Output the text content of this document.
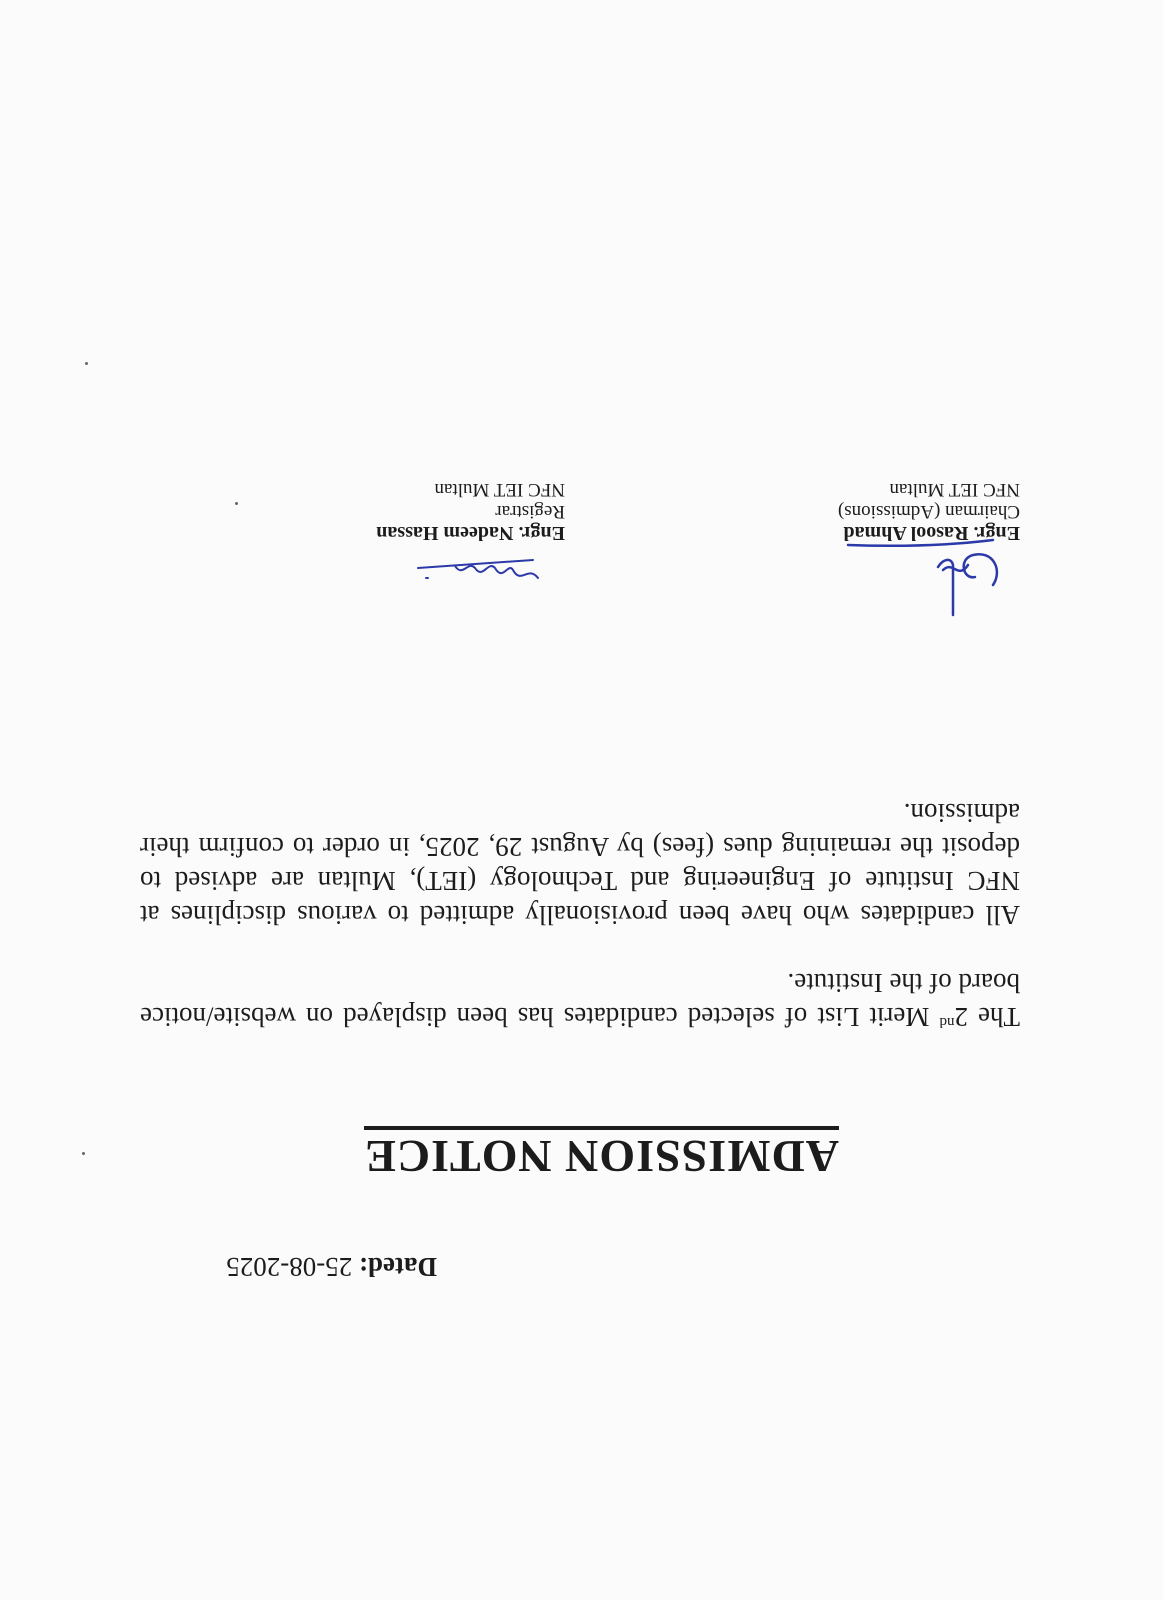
Dated: 25-08-2025
ADMISSION NOTICE
The 2nd Merit List of selected candidates has been displayed on website/notice board of the Institute.
All candidates who have been provisionally admitted to various disciplines at NFC Institute of Engineering and Technology (IET), Multan are advised to deposit the remaining dues (fees) by August 29, 2025, in order to confirm their admission.
Engr. Rasool Ahmad
Chairman (Admissions)
NFC IET Multan
Engr. Nadeem Hassan
Registrar
NFC IET Multan
